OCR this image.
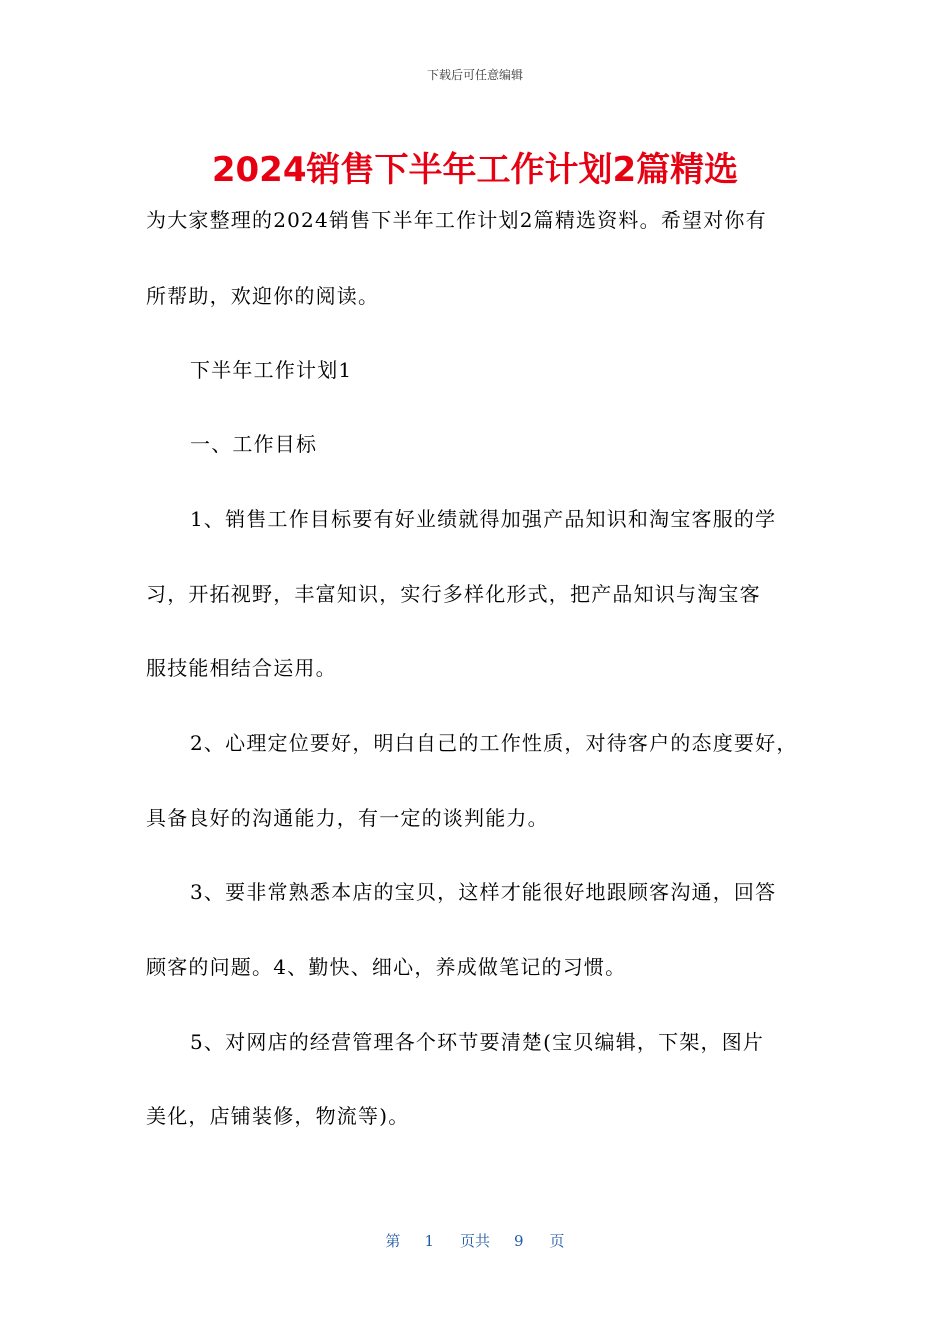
下载后可任意编辑
2024销售下半年工作计划2篇精选
为大家整理的2024销售下半年工作计划2篇精选资料。希望对你有
所帮助，欢迎你的阅读。
下半年工作计划1
一、工作目标
1、销售工作目标要有好业绩就得加强产品知识和淘宝客服的学
习，开拓视野，丰富知识，实行多样化形式，把产品知识与淘宝客
服技能相结合运用。
2、心理定位要好，明白自己的工作性质，对待客户的态度要好，
具备良好的沟通能力，有一定的谈判能力。
3、要非常熟悉本店的宝贝，这样才能很好地跟顾客沟通，回答
顾客的问题。4、勤快、细心，养成做笔记的习惯。
5、对网店的经营管理各个环节要清楚(宝贝编辑，下架，图片
美化，店铺装修，物流等)。
第 1 页共 9 页
